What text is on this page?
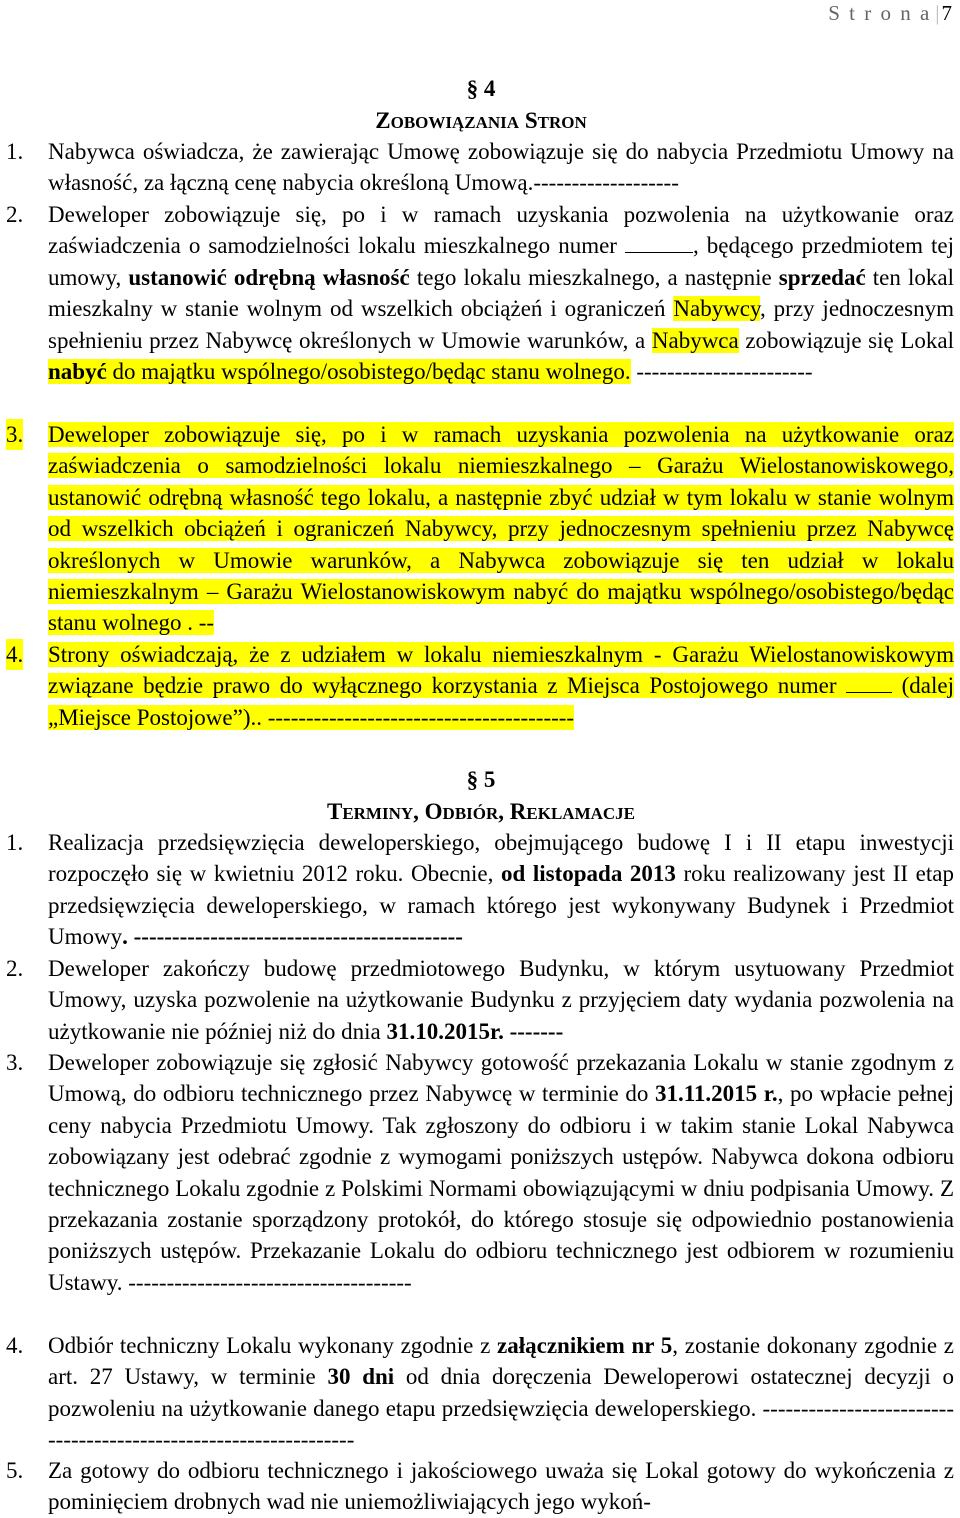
S t r o n a |7
§ 4
ZOBOWIĄZANIA STRON
1. Nabywca oświadcza, że zawierając Umowę zobowiązuje się do nabycia Przedmiotu Umowy na własność, za łączną cenę nabycia określoną Umową.-------------------
2. Deweloper zobowiązuje się, po i w ramach uzyskania pozwolenia na użytkowanie oraz zaświadczenia o samodzielności lokalu mieszkalnego numer	, będącego przedmiotem tej umowy, ustanowić odrębną własność tego lokalu mieszkalnego, a następnie sprzedać ten lokal mieszkalny w stanie wolnym od wszelkich obciążeń i ograniczeń Nabywcy, przy jednoczesnym spełnieniu przez Nabywcę określonych w Umowie warunków, a Nabywca zobowiązuje się Lokal nabyć do majątku wspólnego/osobistego/będąc stanu wolnego. -----------------------
3. Deweloper zobowiązuje się, po i w ramach uzyskania pozwolenia na użytkowanie oraz zaświadczenia o samodzielności lokalu niemieszkalnego – Garażu Wielostanowiskowego, ustanowić odrębną własność tego lokalu, a następnie zbyć udział w tym lokalu w stanie wolnym od wszelkich obciążeń i ograniczeń Nabywcy, przy jednoczesnym spełnieniu przez Nabywcę określonych w Umowie warunków, a Nabywca zobowiązuje się ten udział w lokalu niemieszkalnym – Garażu Wielostanowiskowym nabyć do majątku wspólnego/osobistego/będąc stanu wolnego . --
4. Strony oświadczają, że z udziałem w lokalu niemieszkalnym - Garażu Wielostanowiskowym związane będzie prawo do wyłącznego korzystania z Miejsca Postojowego numer  (dalej „Miejsce Postojowe”).. ----------------------------------------
§ 5
TERMINY, ODBIÓR, REKLAMACJE
1. Realizacja przedsięwzięcia deweloperskiego, obejmującego budowę I i II etapu inwestycji rozpoczęło się w kwietniu 2012 roku. Obecnie, od listopada 2013 roku realizowany jest II etap przedsięwzięcia deweloperskiego, w ramach którego jest wykonywany Budynek i Przedmiot Umowy. -------------------------------------------
2. Deweloper zakończy budowę przedmiotowego Budynku, w którym usytuowany Przedmiot Umowy, uzyska pozwolenie na użytkowanie Budynku z przyjęciem daty wydania pozwolenia na użytkowanie nie później niż do dnia 31.10.2015r. -------
3. Deweloper zobowiązuje się zgłosić Nabywcy gotowość przekazania Lokalu w stanie zgodnym z Umową, do odbioru technicznego przez Nabywcę w terminie do 31.11.2015 r., po wpłacie pełnej ceny nabycia Przedmiotu Umowy. Tak zgłoszony do odbioru i w takim stanie Lokal Nabywca zobowiązany jest odebrać zgodnie z wymogami poniższych ustępów. Nabywca dokona odbioru technicznego Lokalu zgodnie z Polskimi Normami obowiązującymi w dniu podpisania Umowy. Z przekazania zostanie sporządzony protokół, do którego stosuje się odpowiednio postanowienia poniższych ustępów. Przekazanie Lokalu do odbioru technicznego jest odbiorem w rozumieniu Ustawy. -------------------------------------
4. Odbiór techniczny Lokalu wykonany zgodnie z załącznikiem nr 5, zostanie dokonany zgodnie z art. 27 Ustawy, w terminie 30 dni od dnia doręczenia Deweloperowi ostatecznej decyzji o pozwoleniu na użytkowanie danego etapu przedsięwzięcia deweloperskiego. -----------------------------------------------------------------
5. Za gotowy do odbioru technicznego i jakościowego uważa się Lokal gotowy do wykończenia z pominięciem drobnych wad nie uniemożliwiających jego wykoń-
